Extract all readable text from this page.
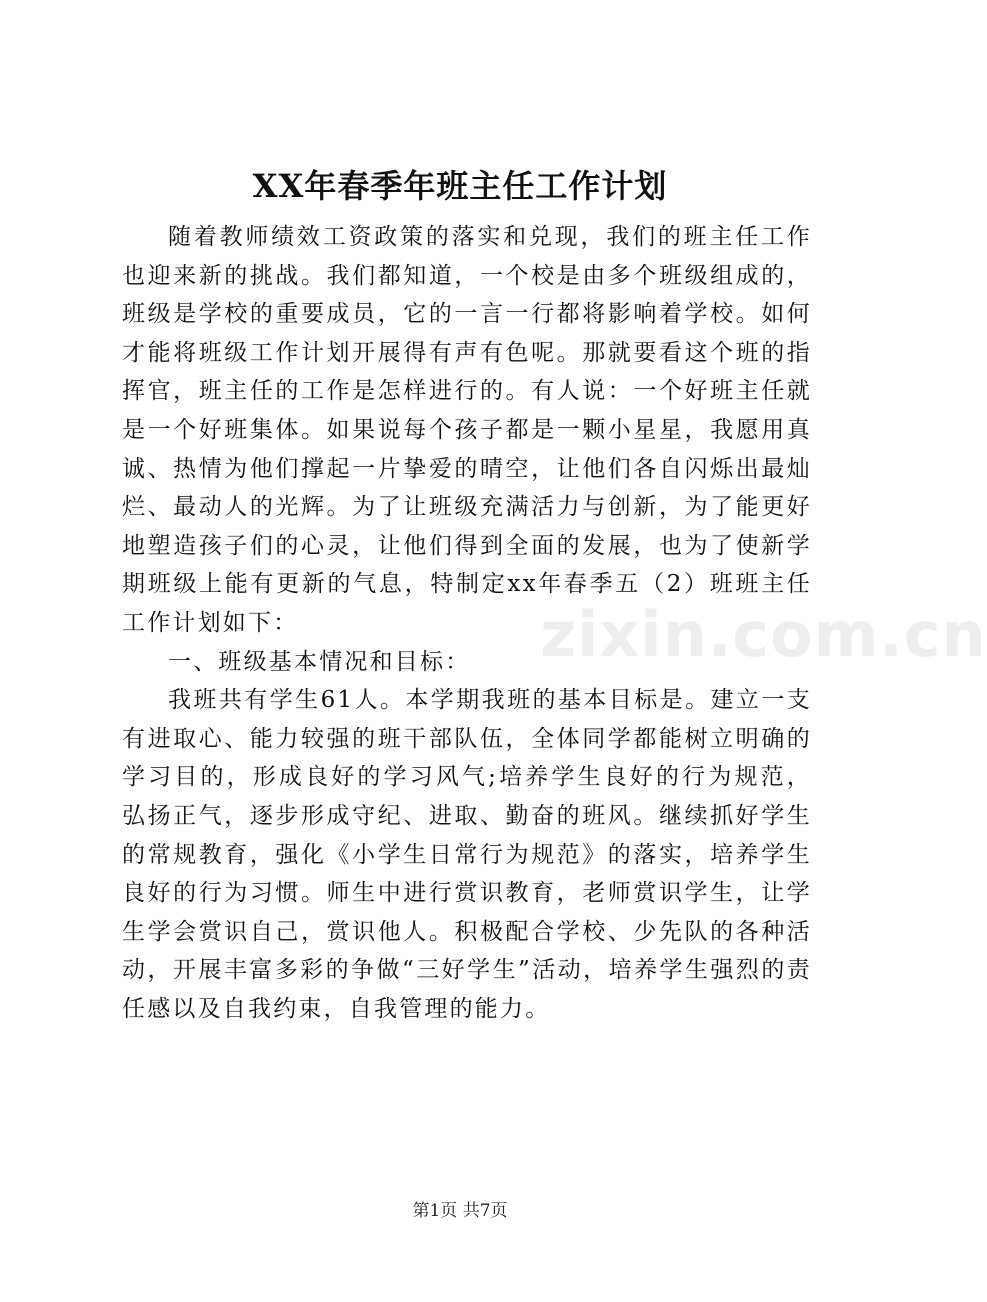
XX年春季年班主任工作计划

随着教师绩效工资政策的落实和兑现，我们的班主任工作也迎来新的挑战。我们都知道，一个校是由多个班级组成的，班级是学校的重要成员，它的一言一行都将影响着学校。如何才能将班级工作计划开展得有声有色呢。那就要看这个班的指挥官，班主任的工作是怎样进行的。有人说：一个好班主任就是一个好班集体。如果说每个孩子都是一颗小星星，我愿用真诚、热情为他们撑起一片挚爱的晴空，让他们各自闪烁出最灿烂、最动人的光辉。为了让班级充满活力与创新，为了能更好地塑造孩子们的心灵，让他们得到全面的发展，也为了使新学期班级上能有更新的气息，特制定xx年春季五（2）班班主任工作计划如下：

一、班级基本情况和目标：

我班共有学生61人。本学期我班的基本目标是。建立一支有进取心、能力较强的班干部队伍，全体同学都能树立明确的学习目的，形成良好的学习风气;培养学生良好的行为规范，弘扬正气，逐步形成守纪、进取、勤奋的班风。继续抓好学生的常规教育，强化《小学生日常行为规范》的落实，培养学生良好的行为习惯。师生中进行赏识教育，老师赏识学生，让学生学会赏识自己，赏识他人。积极配合学校、少先队的各种活动，开展丰富多彩的争做“三好学生”活动，培养学生强烈的责任感以及自我约束，自我管理的能力。

zixin.com.cn
第1页 共7页
